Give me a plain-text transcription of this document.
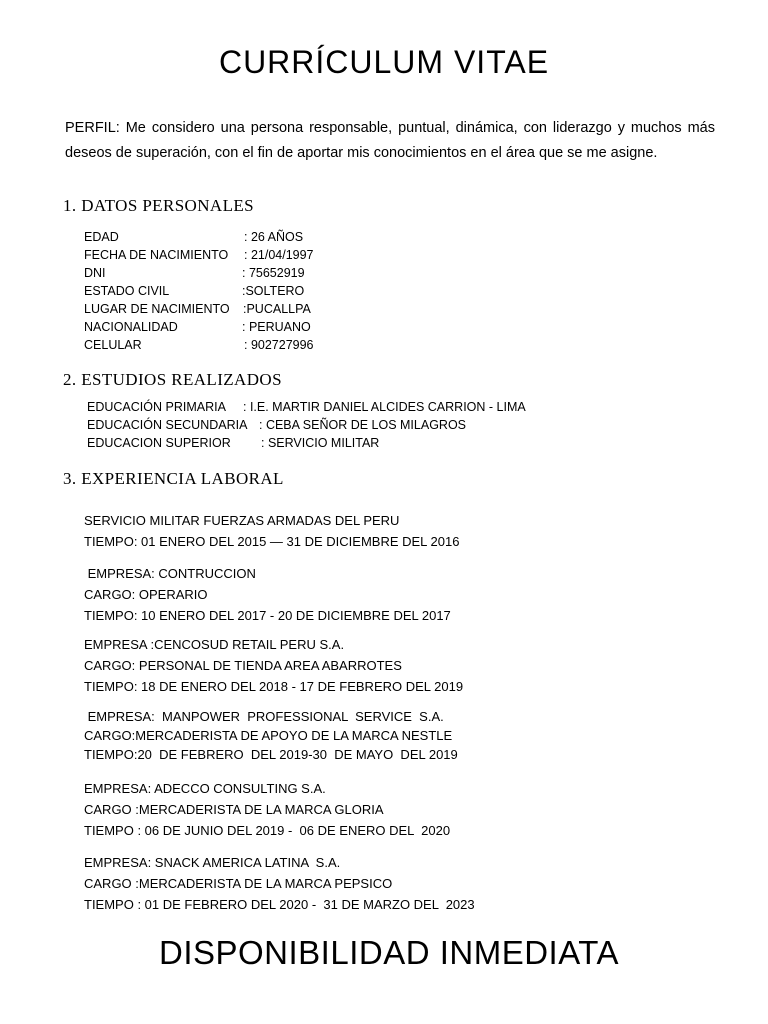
CURRÍCULUM VITAE
PERFIL: Me considero una persona responsable, puntual, dinámica, con liderazgo y muchos más deseos de superación, con el fin de aportar mis conocimientos en el área que se me asigne.
1. DATOS PERSONALES
EDAD	: 26 AÑOS
FECHA DE NACIMIENTO	: 21/04/1997
DNI	: 75652919
ESTADO CIVIL	:SOLTERO
LUGAR DE NACIMIENTO	:PUCALLPA
NACIONALIDAD	: PERUANO
CELULAR	: 902727996
2. ESTUDIOS REALIZADOS
EDUCACIÓN PRIMARIA	: I.E. MARTIR DANIEL ALCIDES CARRION - LIMA
EDUCACIÓN SECUNDARIA : CEBA SEÑOR DE LOS MILAGROS
EDUCACION SUPERIOR	: SERVICIO MILITAR
3. EXPERIENCIA LABORAL
SERVICIO MILITAR FUERZAS ARMADAS DEL PERU
TIEMPO: 01 ENERO DEL 2015 — 31 DE DICIEMBRE DEL 2016
EMPRESA: CONTRUCCION
CARGO: OPERARIO
TIEMPO: 10 ENERO DEL 2017 - 20 DE DICIEMBRE DEL 2017
EMPRESA :CENCOSUD RETAIL PERU S.A.
CARGO: PERSONAL DE TIENDA AREA ABARROTES
TIEMPO: 18 DE ENERO DEL 2018 - 17 DE FEBRERO DEL 2019
EMPRESA:  MANPOWER  PROFESSIONAL  SERVICE  S.A.
CARGO:MERCADERISTA DE APOYO DE LA MARCA NESTLE
TIEMPO:20  DE FEBRERO  DEL 2019-30  DE MAYO  DEL 2019
EMPRESA: ADECCO CONSULTING S.A.
CARGO :MERCADERISTA DE LA MARCA GLORIA
TIEMPO : 06 DE JUNIO DEL 2019 -  06 DE ENERO DEL  2020
EMPRESA: SNACK AMERICA LATINA  S.A.
CARGO :MERCADERISTA DE LA MARCA PEPSICO
TIEMPO : 01 DE FEBRERO DEL 2020 -  31 DE MARZO DEL  2023
DISPONIBILIDAD INMEDIATA
